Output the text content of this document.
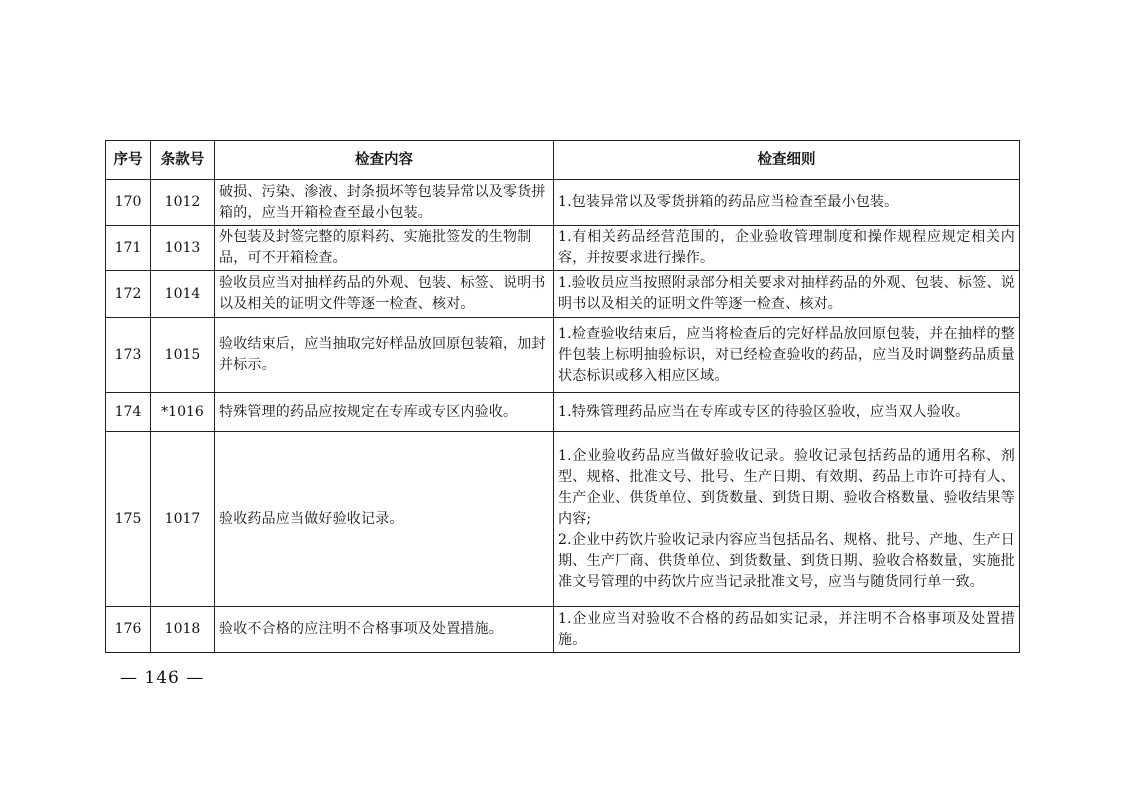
序号	条款号	检查内容	检查细则
170	1012	破损、污染、渗液、封条损坏等包装异常以及零货拼箱的，应当开箱检查至最小包装。	1.包装异常以及零货拼箱的药品应当检查至最小包装。

171	1013	外包装及封签完整的原料药、实施批签发的生物制品，可不开箱检查。	1.有相关药品经营范围的，企业验收管理制度和操作规程应规定相关内容，并按要求进行操作。

172	1014	验收员应当对抽样药品的外观、包装、标签、说明书以及相关的证明文件等逐一检查、核对。	1.验收员应当按照附录部分相关要求对抽样药品的外观、包装、标签、说明书以及相关的证明文件等逐一检查、核对。

173	1015	验收结束后，应当抽取完好样品放回原包装箱，加封并标示。	1.检查验收结束后，应当将检查后的完好样品放回原包装，并在抽样的整件包装上标明抽验标识，对已经检查验收的药品，应当及时调整药品质量状态标识或移入相应区域。

174	*1016	特殊管理的药品应按规定在专库或专区内验收。	1.特殊管理药品应当在专库或专区的待验区验收，应当双人验收。

175	1017	验收药品应当做好验收记录。	1.企业验收药品应当做好验收记录。验收记录包括药品的通用名称、剂型、规格、批准文号、批号、生产日期、有效期、药品上市许可持有人、生产企业、供货单位、到货数量、到货日期、验收合格数量、验收结果等内容;
2.企业中药饮片验收记录内容应当包括品名、规格、批号、产地、生产日期、生产厂商、供货单位、到货数量、到货日期、验收合格数量，实施批准文号管理的中药饮片应当记录批准文号，应当与随货同行单一致。

176	1018	验收不合格的应注明不合格事项及处置措施。	1.企业应当对验收不合格的药品如实记录，并注明不合格事项及处置措施。
— 146 —
